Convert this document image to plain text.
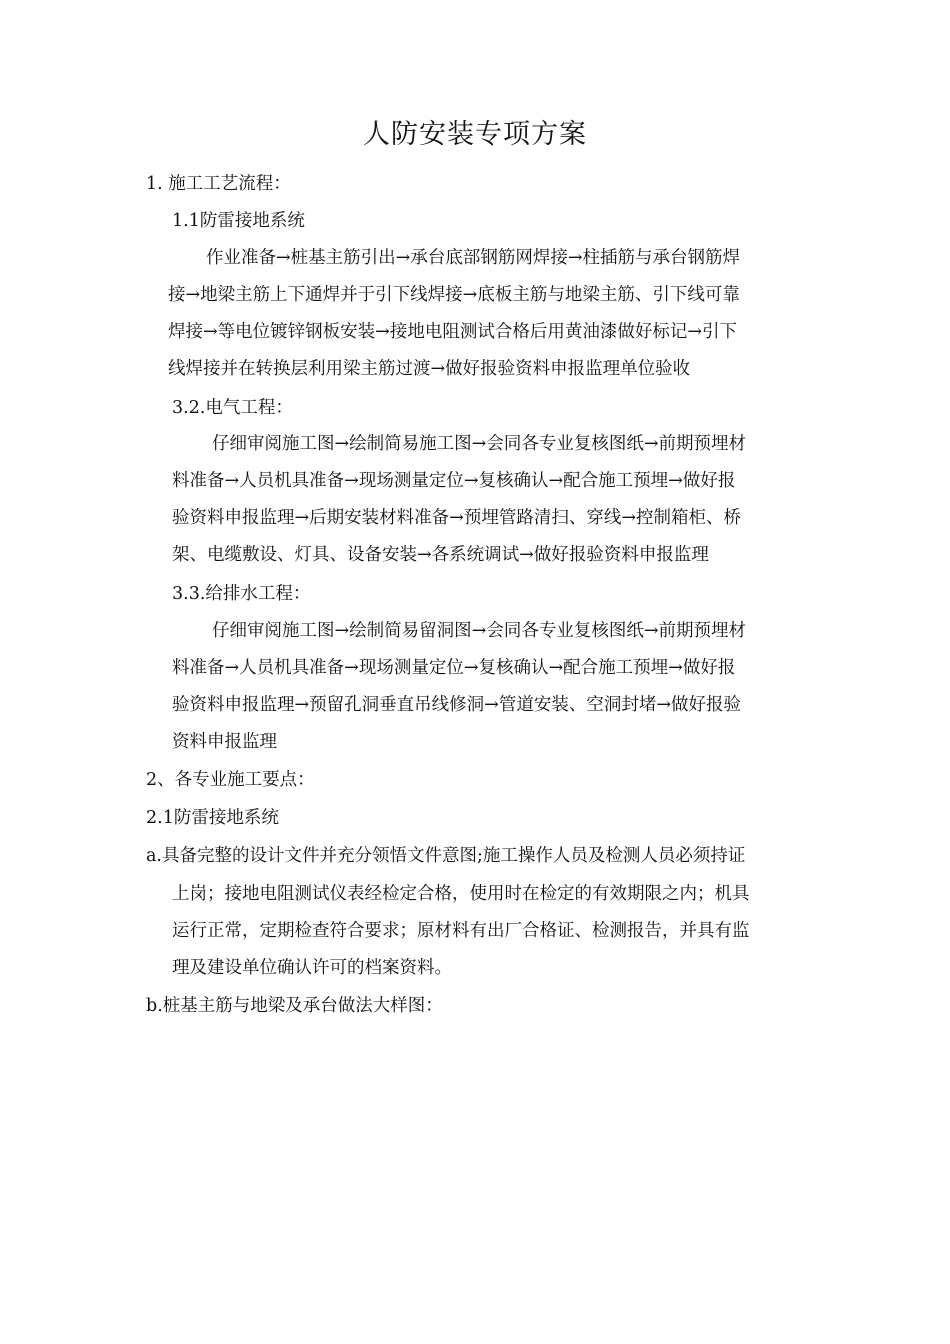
人防安装专项方案
1. 施工工艺流程：
1.1防雷接地系统
作业准备→桩基主筋引出→承台底部钢筋网焊接→柱插筋与承台钢筋焊
接→地梁主筋上下通焊并于引下线焊接→底板主筋与地梁主筋、引下线可靠
焊接→等电位镀锌钢板安装→接地电阻测试合格后用黄油漆做好标记→引下
线焊接并在转换层利用梁主筋过渡→做好报验资料申报监理单位验收
3.2.电气工程：
仔细审阅施工图→绘制简易施工图→会同各专业复核图纸→前期预埋材
料准备→人员机具准备→现场测量定位→复核确认→配合施工预埋→做好报
验资料申报监理→后期安装材料准备→预埋管路清扫、穿线→控制箱柜、桥
架、电缆敷设、灯具、设备安装→各系统调试→做好报验资料申报监理
3.3.给排水工程：
仔细审阅施工图→绘制简易留洞图→会同各专业复核图纸→前期预埋材
料准备→人员机具准备→现场测量定位→复核确认→配合施工预埋→做好报
验资料申报监理→预留孔洞垂直吊线修洞→管道安装、空洞封堵→做好报验
资料申报监理
2、各专业施工要点：
2.1防雷接地系统
a.具备完整的设计文件并充分领悟文件意图;施工操作人员及检测人员必须持证
上岗；接地电阻测试仪表经检定合格，使用时在检定的有效期限之内；机具
运行正常，定期检查符合要求；原材料有出厂合格证、检测报告，并具有监
理及建设单位确认许可的档案资料。
b.桩基主筋与地梁及承台做法大样图：
